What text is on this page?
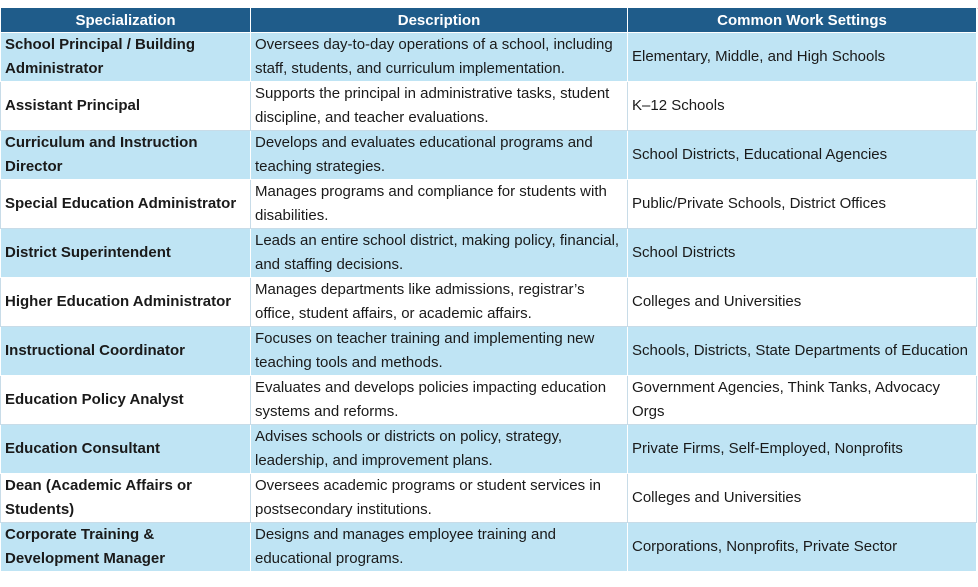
Specialization	Description	Common Work Settings
School Principal / Building Administrator	Oversees day-to-day operations of a school, including staff, students, and curriculum implementation.	Elementary, Middle, and High Schools
Assistant Principal	Supports the principal in administrative tasks, student discipline, and teacher evaluations.	K–12 Schools
Curriculum and Instruction Director	Develops and evaluates educational programs and teaching strategies.	School Districts, Educational Agencies
Special Education Administrator	Manages programs and compliance for students with disabilities.	Public/Private Schools, District Offices
District Superintendent	Leads an entire school district, making policy, financial, and staffing decisions.	School Districts
Higher Education Administrator	Manages departments like admissions, registrar’s office, student affairs, or academic affairs.	Colleges and Universities
Instructional Coordinator	Focuses on teacher training and implementing new teaching tools and methods.	Schools, Districts, State Departments of Education
Education Policy Analyst	Evaluates and develops policies impacting education systems and reforms.	Government Agencies, Think Tanks, Advocacy Orgs
Education Consultant	Advises schools or districts on policy, strategy, leadership, and improvement plans.	Private Firms, Self-Employed, Nonprofits
Dean (Academic Affairs or Students)	Oversees academic programs or student services in postsecondary institutions.	Colleges and Universities
Corporate Training & Development Manager	Designs and manages employee training and educational programs.	Corporations, Nonprofits, Private Sector
